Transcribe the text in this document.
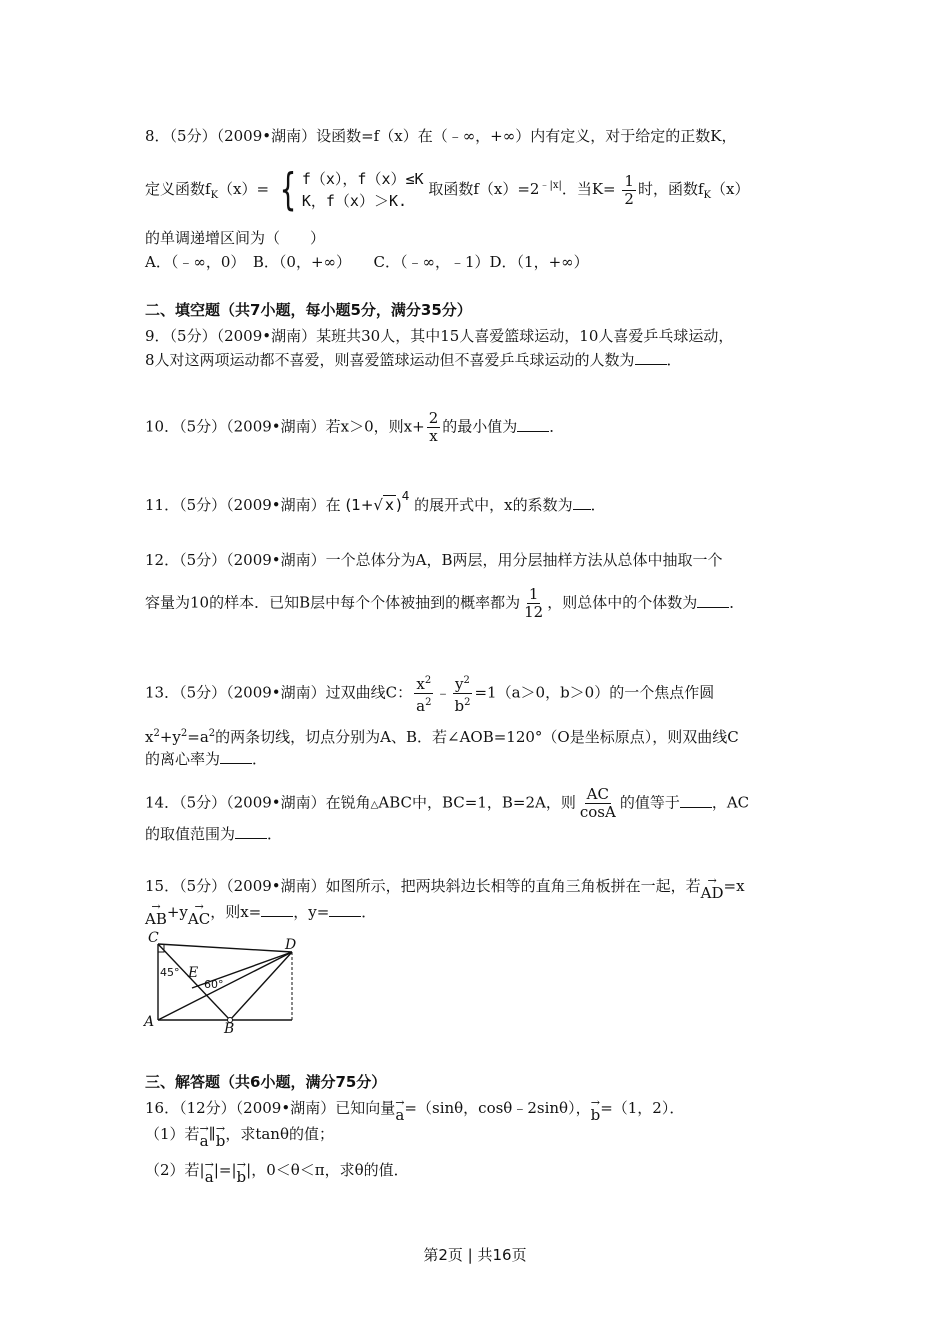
8．（5分）（2009•湖南）设函数=f（x）在（﹣∞，+∞）内有定义，对于给定的正数K，
定义函数$f_K(x)=$ { f（x），f（x）≤K
K，f（x）＞K.
取函数$f(x)=2^{﹣|x|}$．当$K= \frac{1}{2}$ 时，函数$f_K(x)$
的单调递增区间为（　　）
A．（﹣∞，0）　B．（0，+∞）　　C．（﹣∞，﹣1）D．（1，+∞）
二、填空题（共7小题，每小题5分，满分35分）
9．（5分）（2009•湖南）某班共30人，其中15人喜爱篮球运动，10人喜爱乒乓球运动，
8人对这两项运动都不喜爱，则喜爱篮球运动但不喜爱乒乓球运动的人数为 ．
10．（5分）（2009•湖南）若x＞0，则$x+ \frac{2}{x}$ 的最小值为 ．
11．（5分）（2009•湖南）在 (1+√ x )$^4$ 的展开式中，x的系数为 ．
12．（5分）（2009•湖南）一个总体分为A，B两层，用分层抽样方法从总体中抽取一个
容量为10的样本．已知B层中每个个体被抽到的概率都为 $\frac{1}{12}$ ，则总体中的个体数为 ．
13．（5分）（2009•湖南）过双曲线C： $\frac{x^2}{a^2}$ ﹣ $\frac{y^2}{b^2} =1(a>0$，b＞0）的一个焦点作圆
$x^2+y^2=a^2$的两条切线，切点分别为A、B．若∠AOB=120°（O是坐标原点），则双曲线C
的离心率为 ．
14．（5分）（2009•湖南）在锐角△ABC中，BC=1，B=2A，则 $\frac{AC}{\cos A}$ 的值等于 ，AC
的取值范围为 ．
15．（5分）（2009•湖南）如图所示，把两块斜边长相等的直角三角板拼在一起，若 →
AD =x
→
AB +y →
AC ，则x= ，y= ．
C	D
E
A	B
45°
60°
三、解答题（共6小题，满分75分）
16．（12分）（2009•湖南）已知向量 →
a =（sinθ，cosθ﹣2sinθ）， →
b =（1，2）．
（1）若 →
a ∥ →
b ，求tanθ的值；
（2）若| →
a |=| →
b |，0＜θ＜π，求θ的值．
第2页 | 共16页
